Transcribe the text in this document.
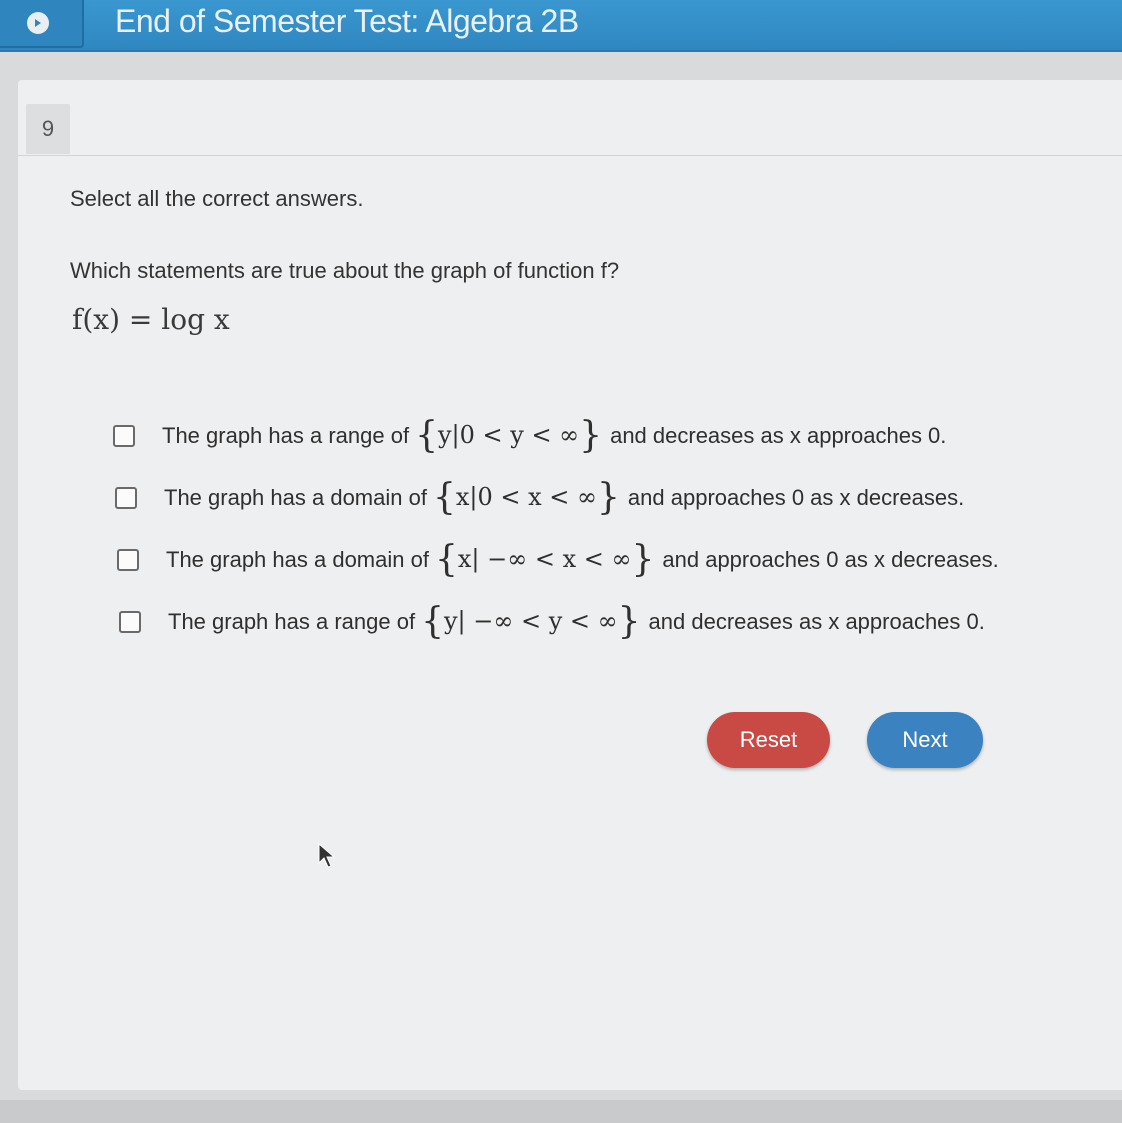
End of Semester Test: Algebra 2B
9
Select all the correct answers.
Which statements are true about the graph of function f?
f(x) = log x
The graph has a range of {y|0 < y < ∞} and decreases as x approaches 0.
The graph has a domain of {x|0 < x < ∞} and approaches 0 as x decreases.
The graph has a domain of {x| −∞ < x < ∞} and approaches 0 as x decreases.
The graph has a range of {y| −∞ < y < ∞} and decreases as x approaches 0.
Reset	Next
